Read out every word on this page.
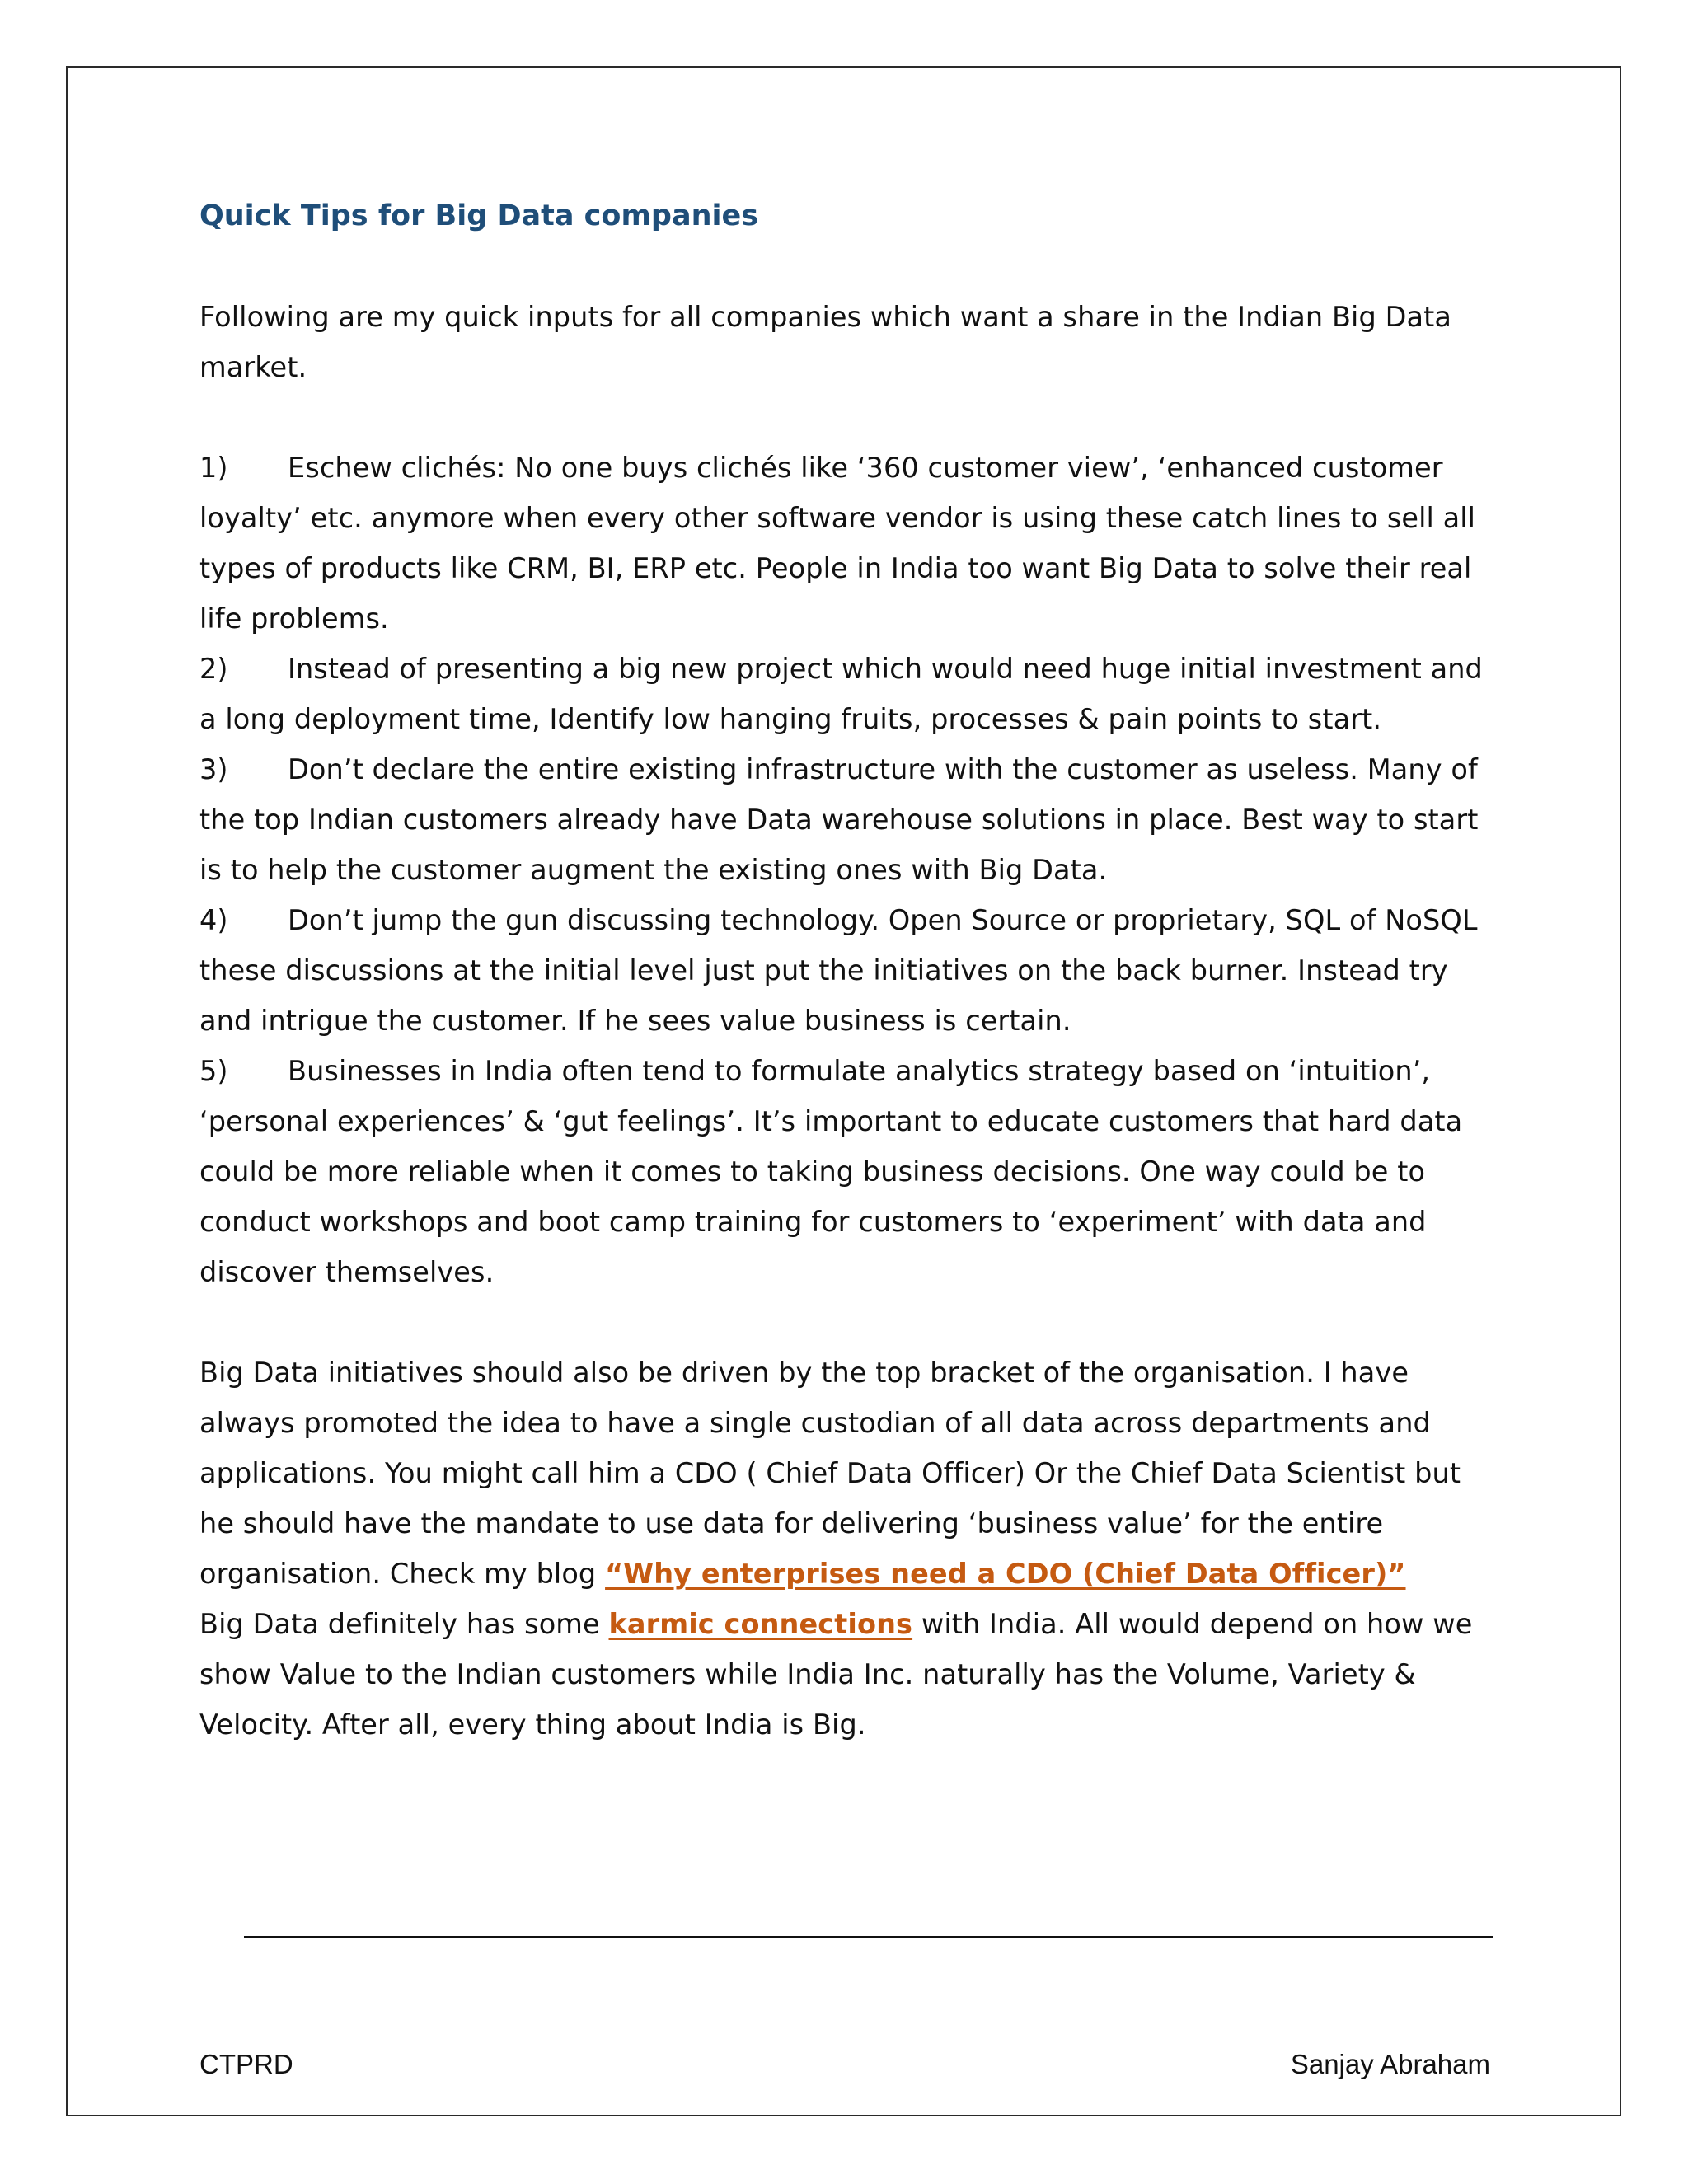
Quick Tips for Big Data companies

Following are my quick inputs for all companies which want a share in the Indian Big Data market.

1) Eschew clichés: No one buys clichés like ‘360 customer view’, ‘enhanced customer loyalty’ etc. anymore when every other software vendor is using these catch lines to sell all types of products like CRM, BI, ERP etc. People in India too want Big Data to solve their real life problems.

2) Instead of presenting a big new project which would need huge initial investment and a long deployment time, Identify low hanging fruits, processes & pain points to start.

3) Don’t declare the entire existing infrastructure with the customer as useless. Many of the top Indian customers already have Data warehouse solutions in place. Best way to start is to help the customer augment the existing ones with Big Data.

4) Don’t jump the gun discussing technology. Open Source or proprietary, SQL of NoSQL these discussions at the initial level just put the initiatives on the back burner. Instead try and intrigue the customer. If he sees value business is certain.

5) Businesses in India often tend to formulate analytics strategy based on ‘intuition’, ‘personal experiences’ & ‘gut feelings’. It’s important to educate customers that hard data could be more reliable when it comes to taking business decisions. One way could be to conduct workshops and boot camp training for customers to ‘experiment’ with data and discover themselves.

Big Data initiatives should also be driven by the top bracket of the organisation. I have always promoted the idea to have a single custodian of all data across departments and applications. You might call him a CDO ( Chief Data Officer) Or the Chief Data Scientist but he should have the mandate to use data for delivering ‘business value’ for the entire organisation. Check my blog “Why enterprises need a CDO (Chief Data Officer)”
Big Data definitely has some karmic connections with India. All would depend on how we show Value to the Indian customers while India Inc. naturally has the Volume, Variety & Velocity. After all, every thing about India is Big.

CTPRD	Sanjay Abraham
